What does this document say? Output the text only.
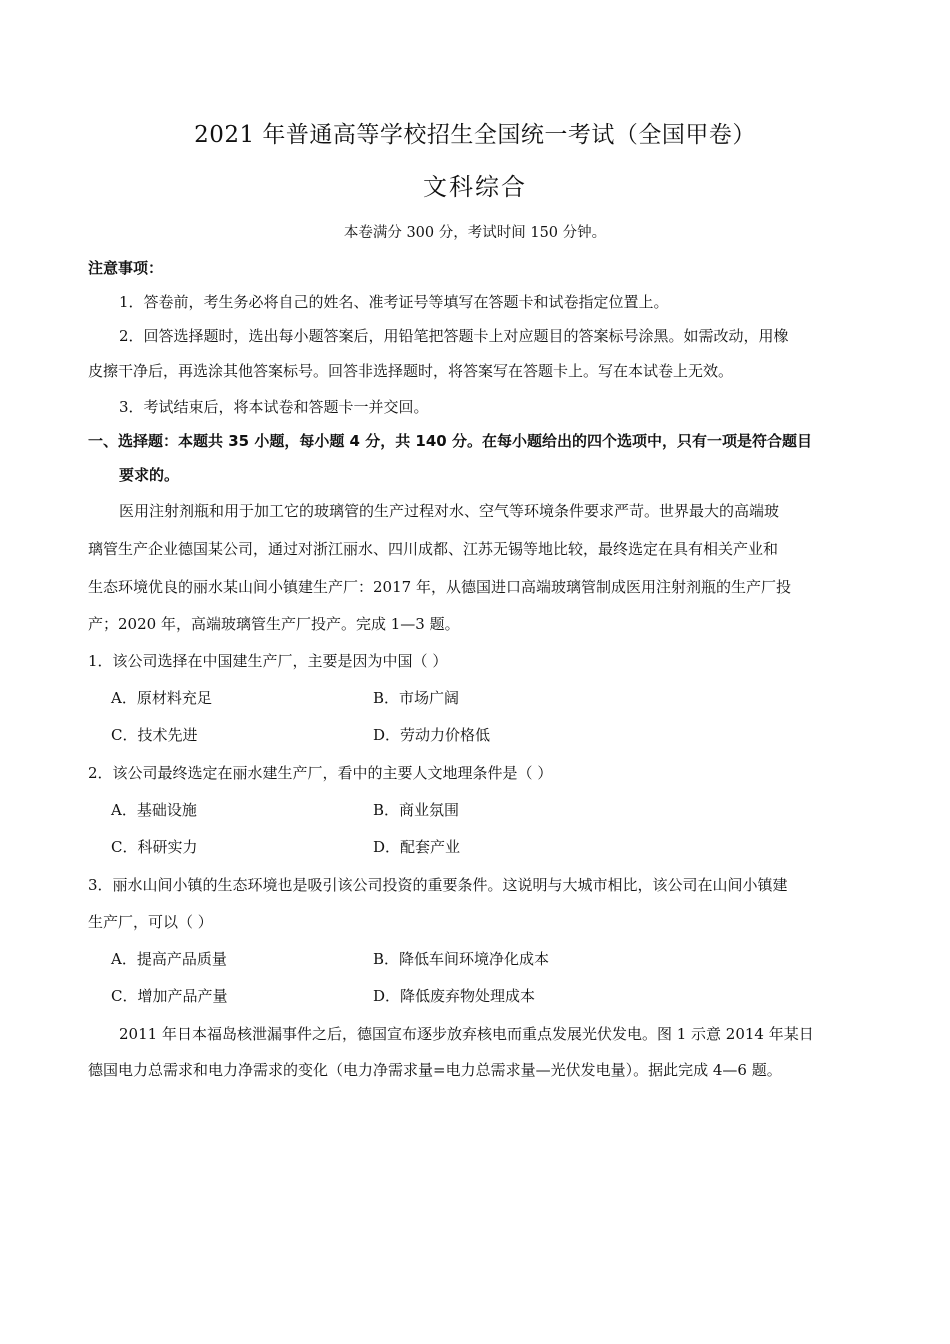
2021 年普通高等学校招生全国统一考试（全国甲卷）
文科综合
本卷满分 300 分，考试时间 150 分钟。
注意事项：
1．答卷前，考生务必将自己的姓名、准考证号等填写在答题卡和试卷指定位置上。
2．回答选择题时，选出每小题答案后，用铅笔把答题卡上对应题目的答案标号涂黑。如需改动，用橡
皮擦干净后，再选涂其他答案标号。回答非选择题时，将答案写在答题卡上。写在本试卷上无效。
3．考试结束后，将本试卷和答题卡一并交回。
一、选择题：本题共 35 小题，每小题 4 分，共 140 分。在每小题给出的四个选项中，只有一项是符合题目
要求的。
医用注射剂瓶和用于加工它的玻璃管的生产过程对水、空气等环境条件要求严苛。世界最大的高端玻
璃管生产企业德国某公司，通过对浙江丽水、四川成都、江苏无锡等地比较，最终选定在具有相关产业和
生态环境优良的丽水某山间小镇建生产厂：2017 年，从德国进口高端玻璃管制成医用注射剂瓶的生产厂投
产；2020 年，高端玻璃管生产厂投产。完成 1—3 题。
1．该公司选择在中国建生产厂，主要是因为中国（ ）
A．原材料充足	B．市场广阔
C．技术先进	D．劳动力价格低
2．该公司最终选定在丽水建生产厂，看中的主要人文地理条件是（ ）
A．基础设施	B．商业氛围
C．科研实力	D．配套产业
3．丽水山间小镇的生态环境也是吸引该公司投资的重要条件。这说明与大城市相比，该公司在山间小镇建
生产厂，可以（ ）
A．提高产品质量	B．降低车间环境净化成本
C．增加产品产量	D．降低废弃物处理成本
2011 年日本福岛核泄漏事件之后，德国宣布逐步放弃核电而重点发展光伏发电。图 1 示意 2014 年某日
德国电力总需求和电力净需求的变化（电力净需求量=电力总需求量—光伏发电量）。据此完成 4—6 题。
